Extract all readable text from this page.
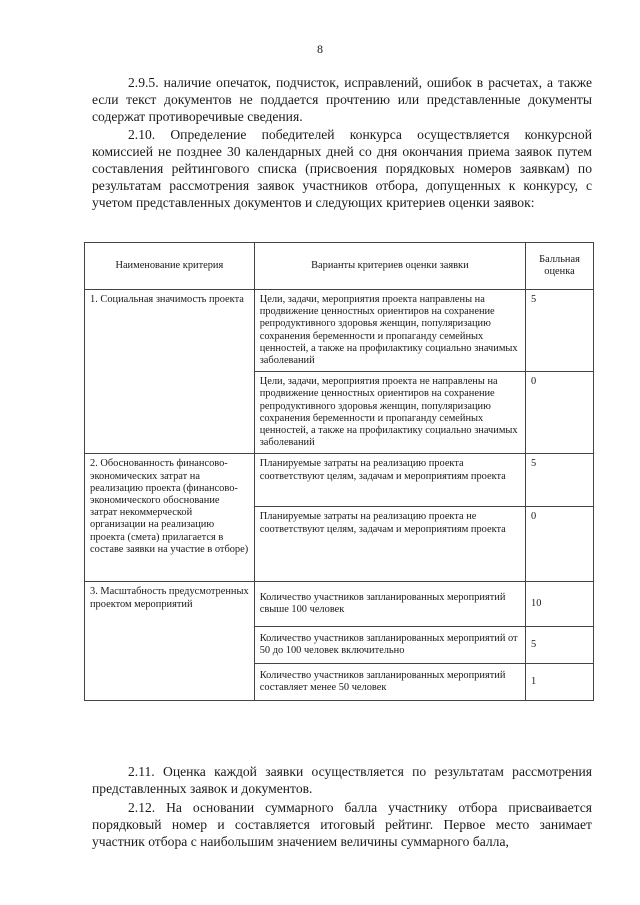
8
2.9.5. наличие опечаток, подчисток, исправлений, ошибок в расчетах, а также если текст документов не поддается прочтению или представленные документы содержат противоречивые сведения.
2.10. Определение победителей конкурса осуществляется конкурсной комиссией не позднее 30 календарных дней со дня окончания приема заявок путем составления рейтингового списка (присвоения порядковых номеров заявкам) по результатам рассмотрения заявок участников отбора, допущенных к конкурсу, с учетом представленных документов и следующих критериев оценки заявок:
Наименование критерия	Варианты критериев оценки заявки	Балльная оценка
1. Социальная значимость проекта	Цели, задачи, мероприятия проекта направлены на продвижение ценностных ориентиров на сохранение репродуктивного здоровья женщин, популяризацию сохранения беременности и пропаганду семейных ценностей, а также на профилактику социально значимых заболеваний	5
	Цели, задачи, мероприятия проекта не направлены на продвижение ценностных ориентиров на сохранение репродуктивного здоровья женщин, популяризацию сохранения беременности и пропаганду семейных ценностей, а также на профилактику социально значимых заболеваний	0
2. Обоснованность финансово-экономических затрат на реализацию проекта (финансово-экономического обоснование затрат некоммерческой организации на реализацию проекта (смета) прилагается в составе заявки на участие в отборе)	Планируемые затраты на реализацию проекта соответствуют целям, задачам и мероприятиям проекта	5
	Планируемые затраты на реализацию проекта не соответствуют целям, задачам и мероприятиям проекта	0
3. Масштабность предусмотренных проектом мероприятий	Количество участников запланированных мероприятий свыше 100 человек	10
	Количество участников запланированных мероприятий от 50 до 100 человек включительно	5
	Количество участников запланированных мероприятий составляет менее 50 человек	1
2.11. Оценка каждой заявки осуществляется по результатам рассмотрения представленных заявок и документов.
2.12. На основании суммарного балла участнику отбора присваивается порядковый номер и составляется итоговый рейтинг. Первое место занимает участник отбора с наибольшим значением величины суммарного балла,
